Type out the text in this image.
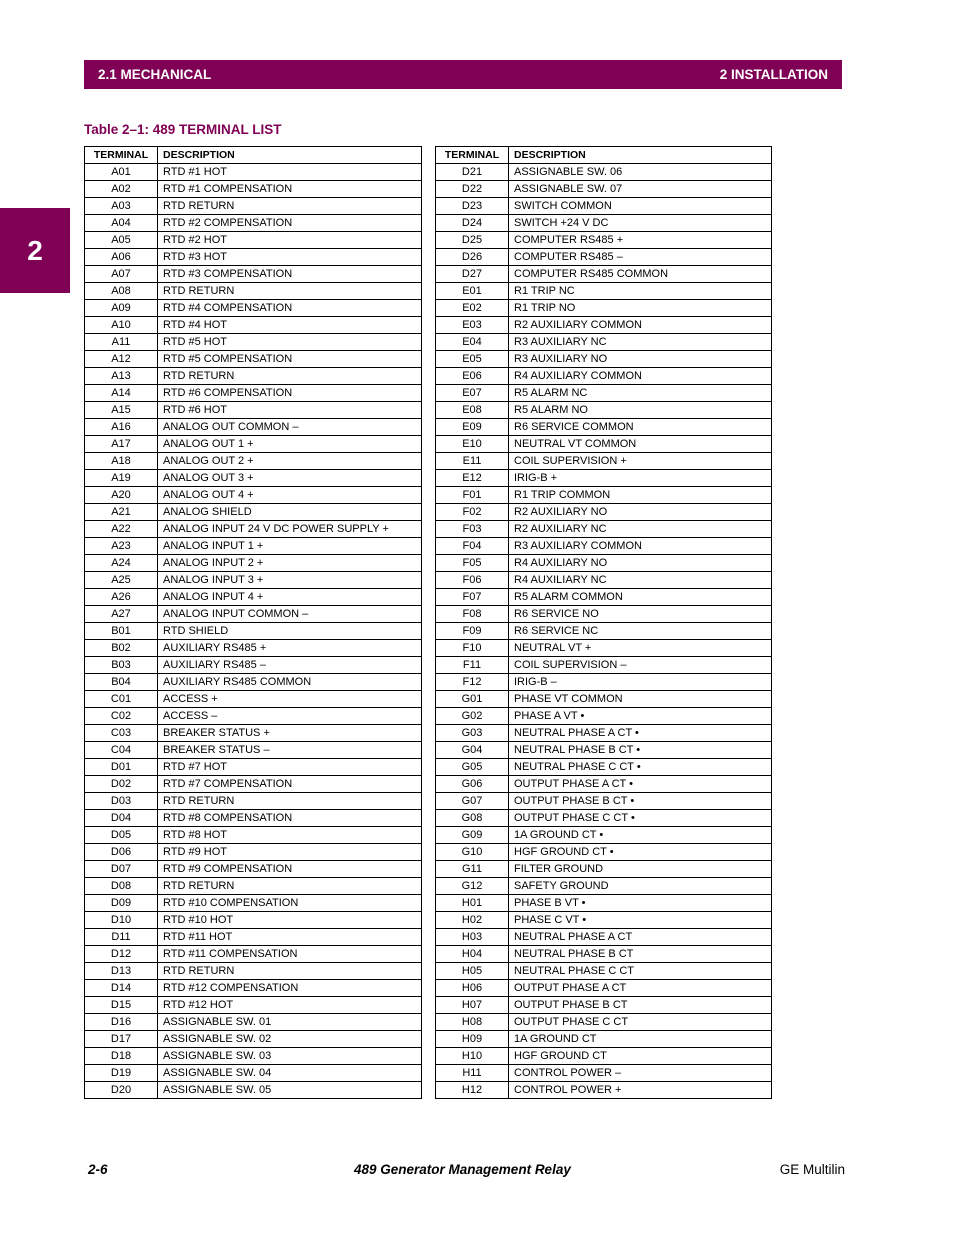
2.1 MECHANICAL	2 INSTALLATION
2
Table 2–1: 489 TERMINAL LIST
TERMINAL	DESCRIPTION
A01	RTD #1 HOT
A02	RTD #1 COMPENSATION
A03	RTD RETURN
A04	RTD #2 COMPENSATION
A05	RTD #2 HOT
A06	RTD #3 HOT
A07	RTD #3 COMPENSATION
A08	RTD RETURN
A09	RTD #4 COMPENSATION
A10	RTD #4 HOT
A11	RTD #5 HOT
A12	RTD #5 COMPENSATION
A13	RTD RETURN
A14	RTD #6 COMPENSATION
A15	RTD #6 HOT
A16	ANALOG OUT COMMON –
A17	ANALOG OUT 1 +
A18	ANALOG OUT 2 +
A19	ANALOG OUT 3 +
A20	ANALOG OUT 4 +
A21	ANALOG SHIELD
A22	ANALOG INPUT 24 V DC POWER SUPPLY +
A23	ANALOG INPUT 1 +
A24	ANALOG INPUT 2 +
A25	ANALOG INPUT 3 +
A26	ANALOG INPUT 4 +
A27	ANALOG INPUT COMMON –
B01	RTD SHIELD
B02	AUXILIARY RS485 +
B03	AUXILIARY RS485 –
B04	AUXILIARY RS485 COMMON
C01	ACCESS +
C02	ACCESS –
C03	BREAKER STATUS +
C04	BREAKER STATUS –
D01	RTD #7 HOT
D02	RTD #7 COMPENSATION
D03	RTD RETURN
D04	RTD #8 COMPENSATION
D05	RTD #8 HOT
D06	RTD #9 HOT
D07	RTD #9 COMPENSATION
D08	RTD RETURN
D09	RTD #10 COMPENSATION
D10	RTD #10 HOT
D11	RTD #11 HOT
D12	RTD #11 COMPENSATION
D13	RTD RETURN
D14	RTD #12 COMPENSATION
D15	RTD #12 HOT
D16	ASSIGNABLE SW. 01
D17	ASSIGNABLE SW. 02
D18	ASSIGNABLE SW. 03
D19	ASSIGNABLE SW. 04
D20	ASSIGNABLE SW. 05
TERMINAL	DESCRIPTION
D21	ASSIGNABLE SW. 06
D22	ASSIGNABLE SW. 07
D23	SWITCH COMMON
D24	SWITCH +24 V DC
D25	COMPUTER RS485 +
D26	COMPUTER RS485 –
D27	COMPUTER RS485 COMMON
E01	R1 TRIP NC
E02	R1 TRIP NO
E03	R2 AUXILIARY COMMON
E04	R3 AUXILIARY NC
E05	R3 AUXILIARY NO
E06	R4 AUXILIARY COMMON
E07	R5 ALARM NC
E08	R5 ALARM NO
E09	R6 SERVICE COMMON
E10	NEUTRAL VT COMMON
E11	COIL SUPERVISION +
E12	IRIG-B +
F01	R1 TRIP COMMON
F02	R2 AUXILIARY NO
F03	R2 AUXILIARY NC
F04	R3 AUXILIARY COMMON
F05	R4 AUXILIARY NO
F06	R4 AUXILIARY NC
F07	R5 ALARM COMMON
F08	R6 SERVICE NO
F09	R6 SERVICE NC
F10	NEUTRAL VT +
F11	COIL SUPERVISION –
F12	IRIG-B –
G01	PHASE VT COMMON
G02	PHASE A VT •
G03	NEUTRAL PHASE A CT •
G04	NEUTRAL PHASE B CT •
G05	NEUTRAL PHASE C CT •
G06	OUTPUT PHASE A CT •
G07	OUTPUT PHASE B CT •
G08	OUTPUT PHASE C CT •
G09	1A GROUND CT •
G10	HGF GROUND CT •
G11	FILTER GROUND
G12	SAFETY GROUND
H01	PHASE B VT •
H02	PHASE C VT •
H03	NEUTRAL PHASE A CT
H04	NEUTRAL PHASE B CT
H05	NEUTRAL PHASE C CT
H06	OUTPUT PHASE A CT
H07	OUTPUT PHASE B CT
H08	OUTPUT PHASE C CT
H09	1A GROUND CT
H10	HGF GROUND CT
H11	CONTROL POWER –
H12	CONTROL POWER +
2-6	489 Generator Management Relay	GE Multilin
